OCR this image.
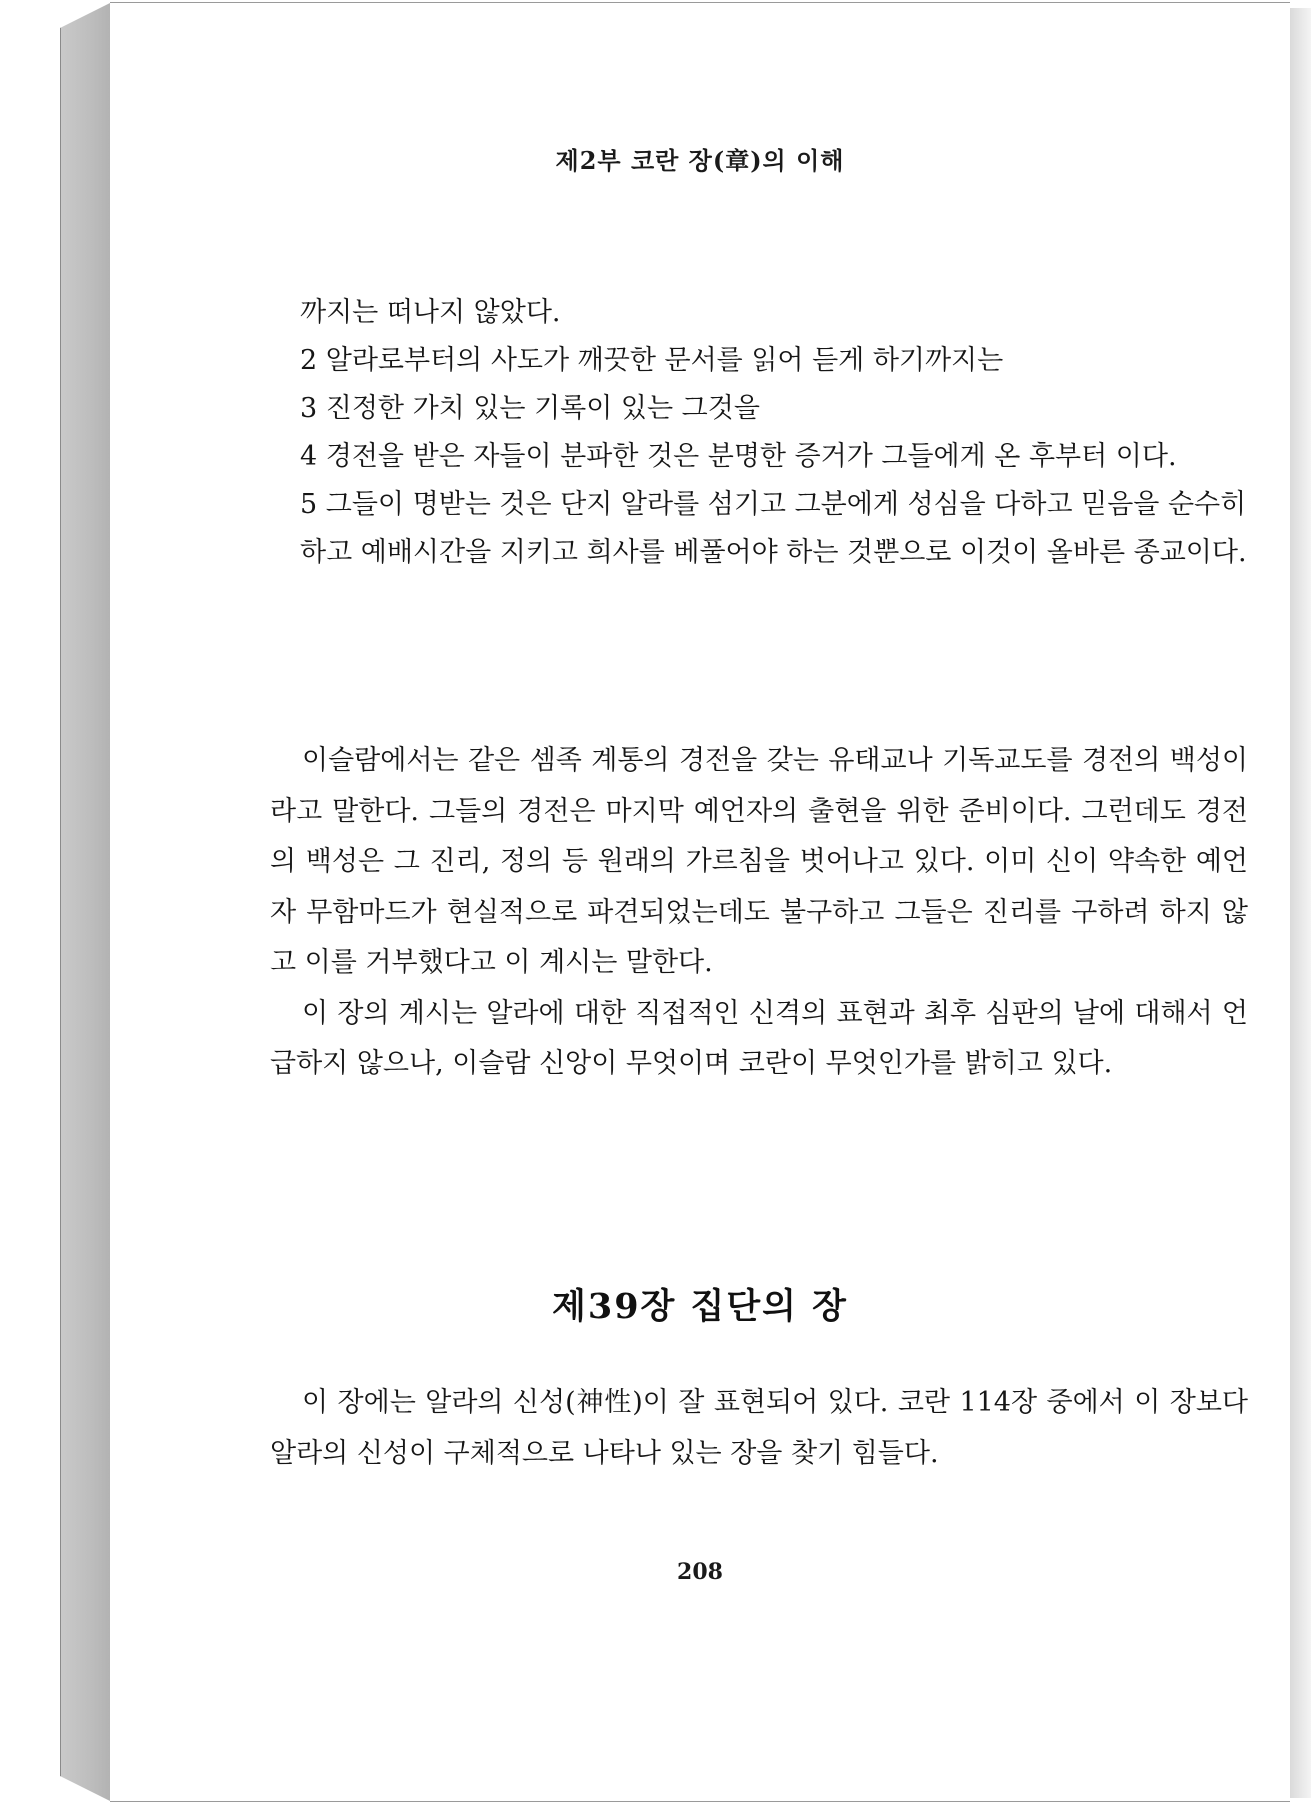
제2부 코란 장(章)의 이해

까지는 떠나지 않았다.

2 알라로부터의 사도가 깨끗한 문서를 읽어 듣게 하기까지는

3 진정한 가치 있는 기록이 있는 그것을

4 경전을 받은 자들이 분파한 것은 분명한 증거가 그들에게 온 후부터 이다.

5 그들이 명받는 것은 단지 알라를 섬기고 그분에게 성심을 다하고 믿음을 순수히 하고 예배시간을 지키고 희사를 베풀어야 하는 것뿐으로 이것이 올바른 종교이다.

이슬람에서는 같은 셈족 계통의 경전을 갖는 유태교나 기독교도를 경전의 백성이라고 말한다. 그들의 경전은 마지막 예언자의 출현을 위한 준비이다. 그런데도 경전의 백성은 그 진리, 정의 등 원래의 가르침을 벗어나고 있다. 이미 신이 약속한 예언자 무함마드가 현실적으로 파견되었는데도 불구하고 그들은 진리를 구하려 하지 않고 이를 거부했다고 이 계시는 말한다.

이 장의 계시는 알라에 대한 직접적인 신격의 표현과 최후 심판의 날에 대해서 언급하지 않으나, 이슬람 신앙이 무엇이며 코란이 무엇인가를 밝히고 있다.

제39장 집단의 장

이 장에는 알라의 신성(神性)이 잘 표현되어 있다. 코란 114장 중에서 이 장보다 알라의 신성이 구체적으로 나타나 있는 장을 찾기 힘들다.

208
